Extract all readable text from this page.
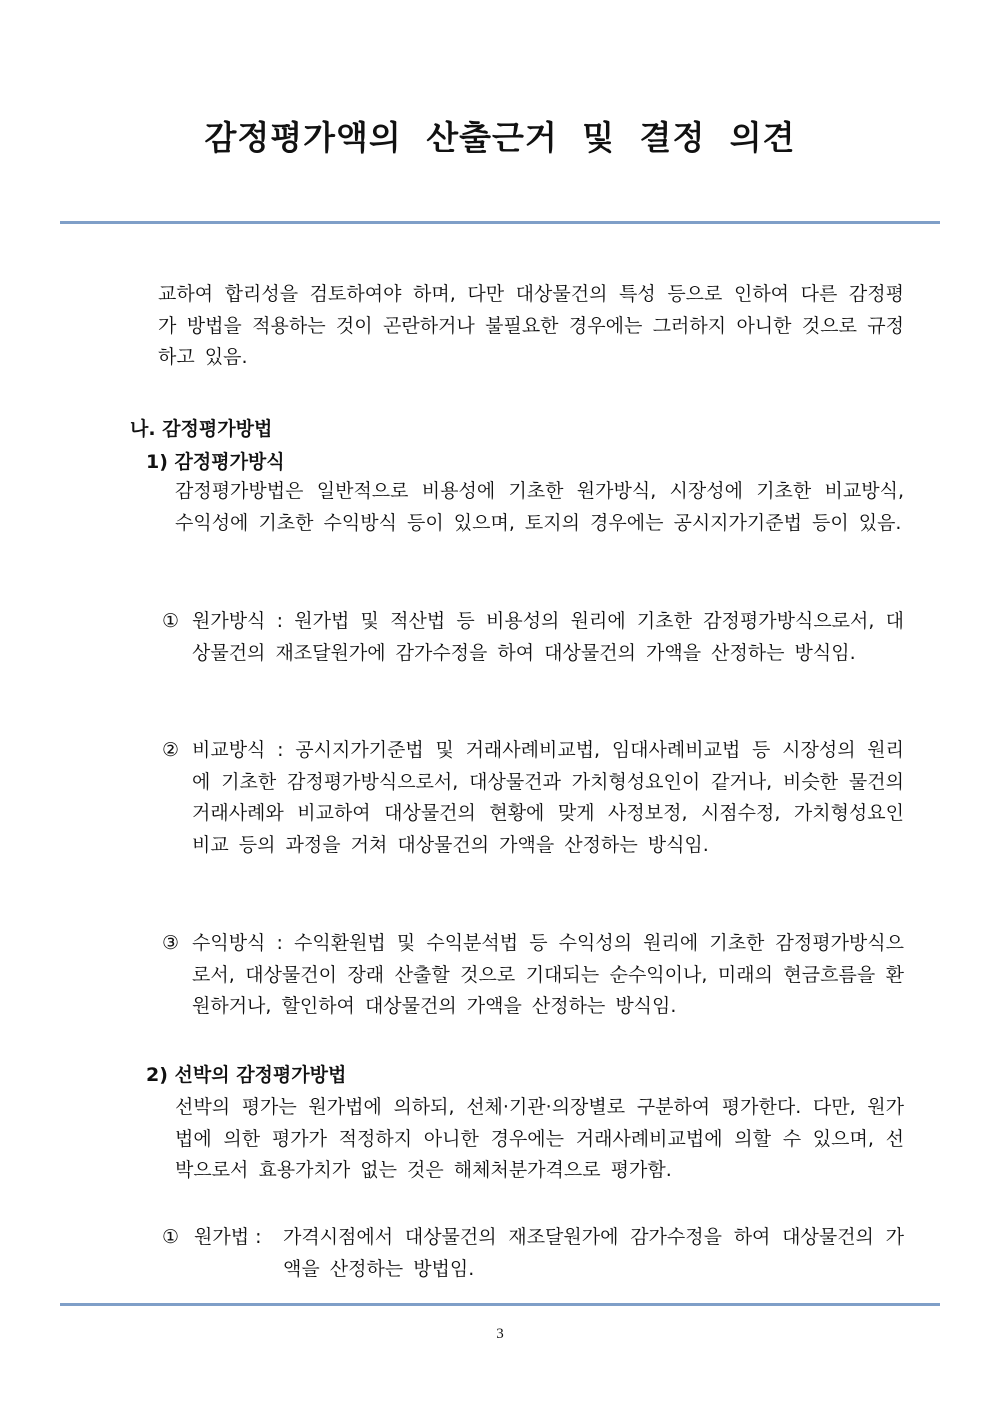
감정평가액의 산출근거 및 결정 의견

교하여 합리성을 검토하여야 하며, 다만 대상물건의 특성 등으로 인하여 다른 감정평가 방법을 적용하는 것이 곤란하거나 불필요한 경우에는 그러하지 아니한 것으로 규정하고 있음.

나. 감정평가방법
1) 감정평가방식

감정평가방법은 일반적으로 비용성에 기초한 원가방식, 시장성에 기초한 비교방식, 수익성에 기초한 수익방식 등이 있으며, 토지의 경우에는 공시지가기준법 등이 있음.

① 원가방식 : 원가법 및 적산법 등 비용성의 원리에 기초한 감정평가방식으로서, 대상물건의 재조달원가에 감가수정을 하여 대상물건의 가액을 산정하는 방식임.

② 비교방식 : 공시지가기준법 및 거래사례비교법, 임대사례비교법 등 시장성의 원리에 기초한 감정평가방식으로서, 대상물건과 가치형성요인이 같거나, 비슷한 물건의 거래사례와 비교하여 대상물건의 현황에 맞게 사정보정, 시점수정, 가치형성요인 비교 등의 과정을 거쳐 대상물건의 가액을 산정하는 방식임.

③ 수익방식 : 수익환원법 및 수익분석법 등 수익성의 원리에 기초한 감정평가방식으로서, 대상물건이 장래 산출할 것으로 기대되는 순수익이나, 미래의 현금흐름을 환원하거나, 할인하여 대상물건의 가액을 산정하는 방식임.

2) 선박의 감정평가방법

선박의 평가는 원가법에 의하되, 선체·기관·의장별로 구분하여 평가한다. 다만, 원가법에 의한 평가가 적정하지 아니한 경우에는 거래사례비교법에 의할 수 있으며, 선박으로서 효용가치가 없는 것은 해체처분가격으로 평가함.

① 원가법 : 가격시점에서 대상물건의 재조달원가에 감가수정을 하여 대상물건의 가액을 산정하는 방법임.

3
